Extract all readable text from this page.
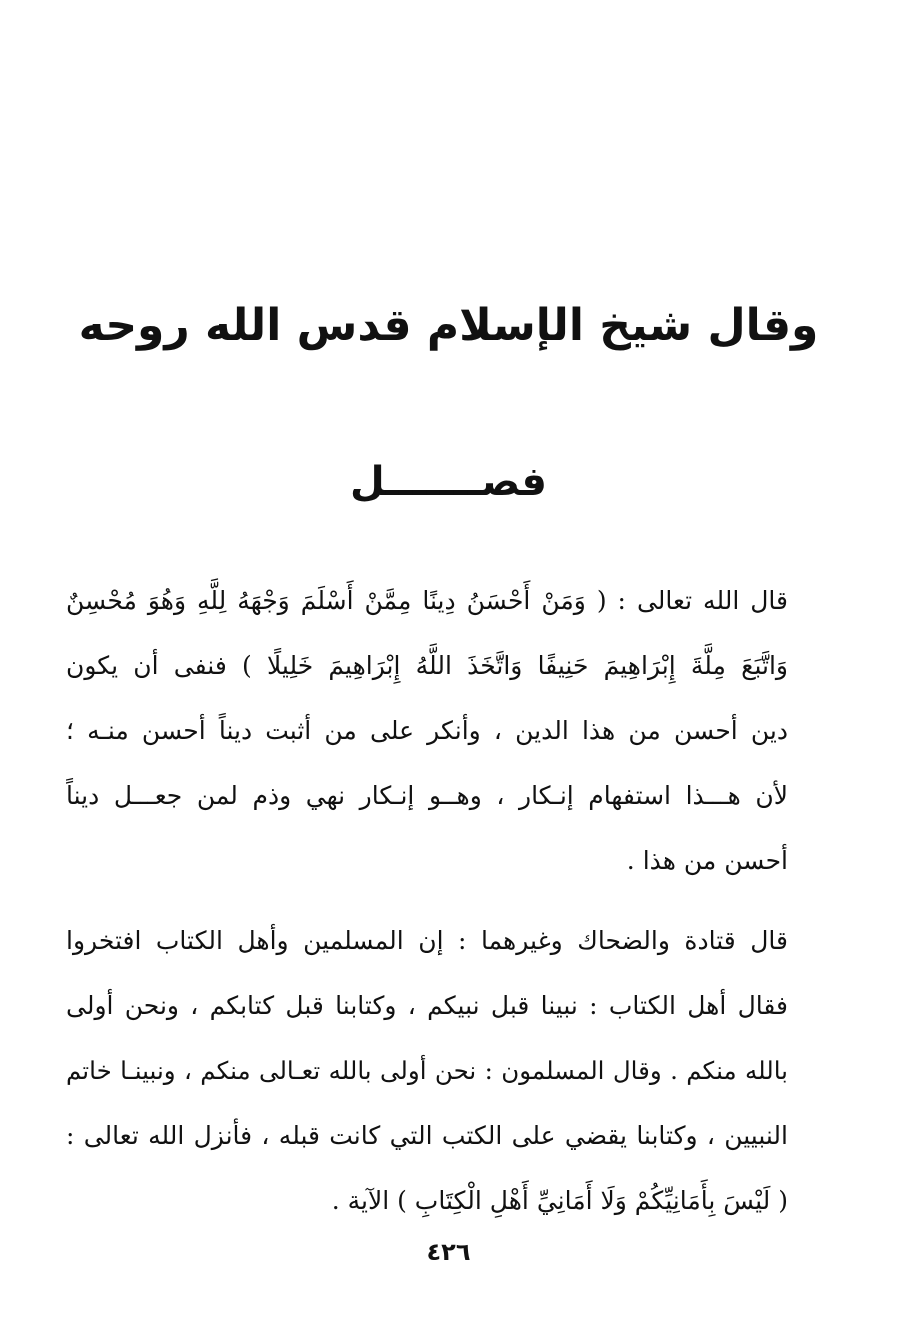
وقال شيخ الإسلام قدس الله روحه
فصـــــــل
قال الله تعالى : ( وَمَنْ أَحْسَنُ دِينًا مِمَّنْ أَسْلَمَ وَجْهَهُ لِلَّهِ وَهُوَ مُحْسِنٌ
وَاتَّبَعَ مِلَّةَ إِبْرَاهِيمَ حَنِيفًا وَاتَّخَذَ اللَّهُ إِبْرَاهِيمَ خَلِيلًا ) فنفى أن يكون
دين أحسن من هذا الدين ، وأنكر على من أثبت ديناً أحسن منـه ؛
لأن هـــذا استفهام إنـكار ، وهــو إنـكار نهي وذم لمن جعـــل ديناً
أحسن من هذا .
قال قتادة والضحاك وغيرهما : إن المسلمين وأهل الكتاب افتخروا
فقال أهل الكتاب : نبينا قبل نبيكم ، وكتابنا قبل كتابكم ، ونحن أولى
بالله منكم . وقال المسلمون : نحن أولى بالله تعـالى منكم ، ونبينـا خاتم
النبيين ، وكتابنا يقضي على الكتب التي كانت قبله ، فأنزل الله تعالى :
( لَيْسَ بِأَمَانِيِّكُمْ وَلَا أَمَانِيِّ أَهْلِ الْكِتَابِ ) الآية .
٤٢٦
